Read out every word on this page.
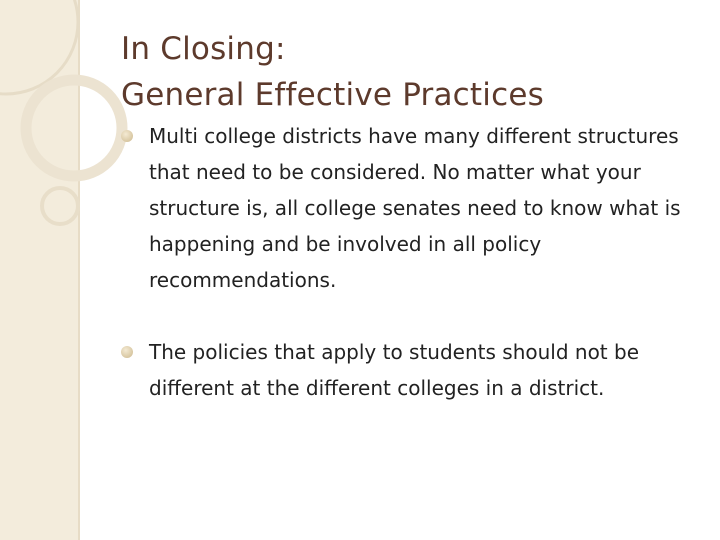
In Closing:
General Effective Practices
Multi college districts have many different structures that need to be considered. No matter what your structure is, all college senates need to know what is happening and be involved in all policy recommendations.
The policies that apply to students should not be different at the different colleges in a district.
